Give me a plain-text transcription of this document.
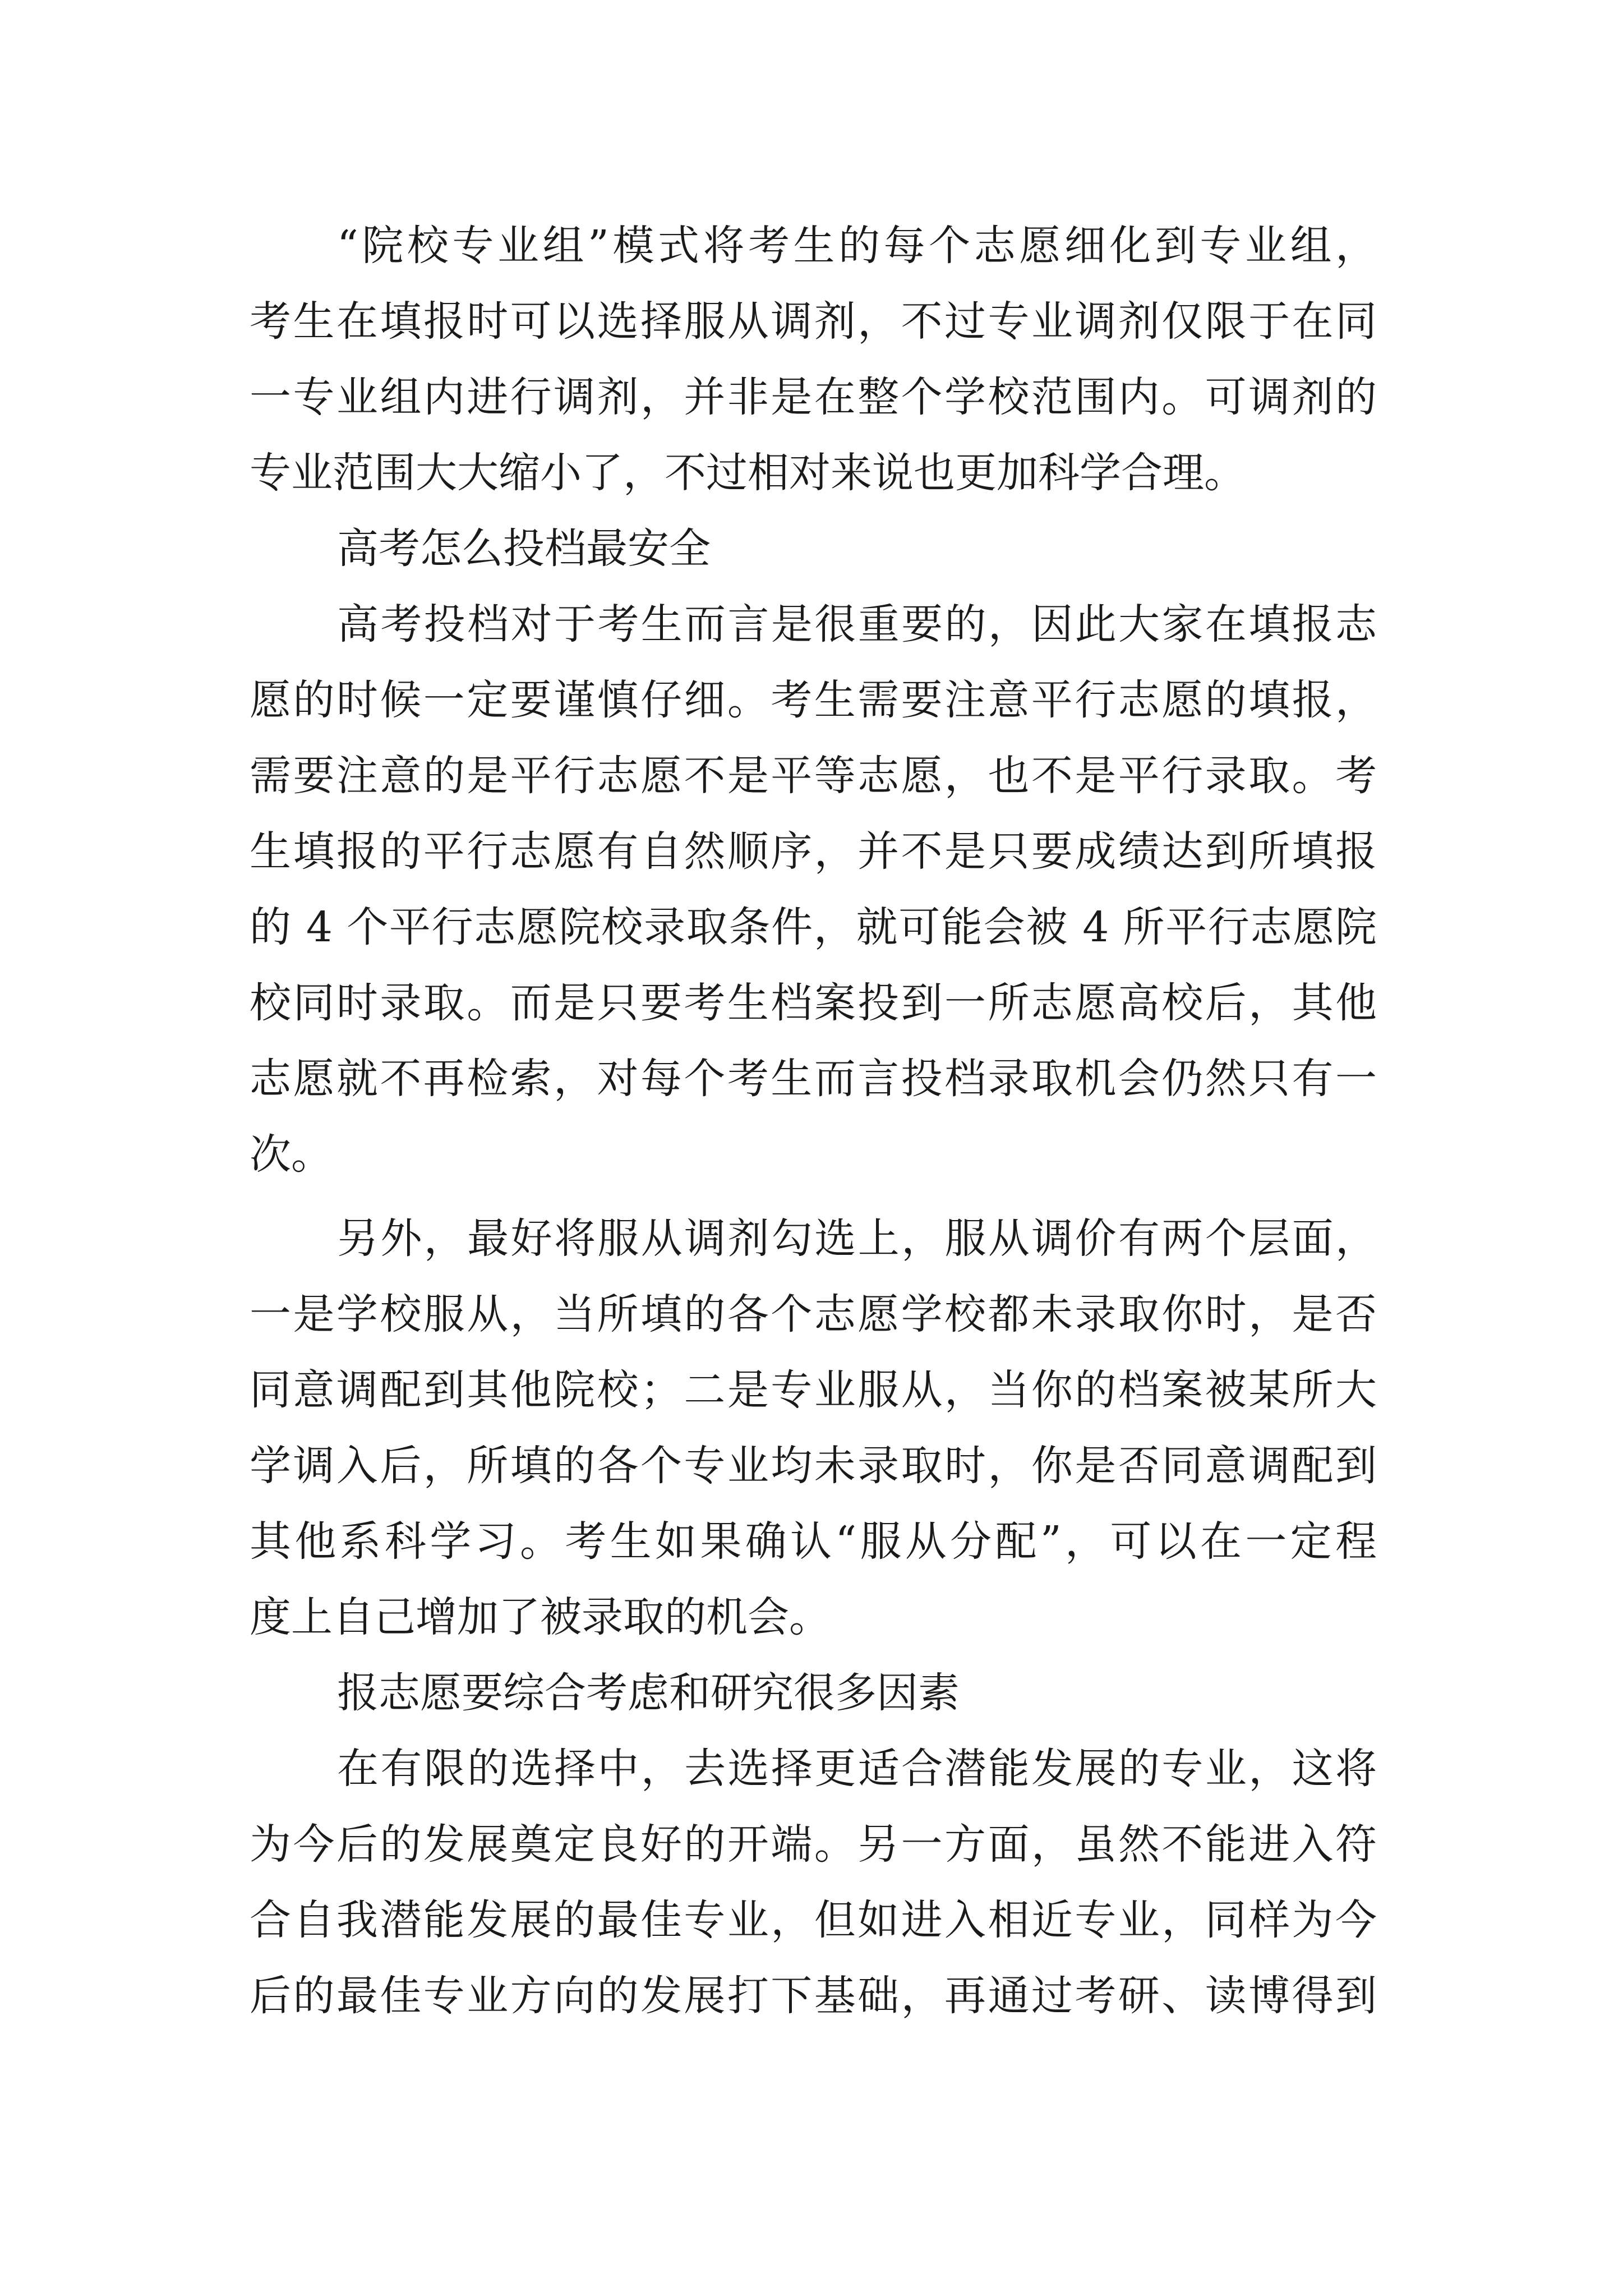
“院校专业组”模式将考生的每个志愿细化到专业组，
考生在填报时可以选择服从调剂，不过专业调剂仅限于在同
一专业组内进行调剂，并非是在整个学校范围内。可调剂的
专业范围大大缩小了，不过相对来说也更加科学合理。
高考怎么投档最安全
高考投档对于考生而言是很重要的，因此大家在填报志
愿的时候一定要谨慎仔细。考生需要注意平行志愿的填报，
需要注意的是平行志愿不是平等志愿，也不是平行录取。考
生填报的平行志愿有自然顺序，并不是只要成绩达到所填报
的 4 个平行志愿院校录取条件，就可能会被 4 所平行志愿院
校同时录取。而是只要考生档案投到一所志愿高校后，其他
志愿就不再检索，对每个考生而言投档录取机会仍然只有一
次。
另外，最好将服从调剂勾选上，服从调价有两个层面，
一是学校服从，当所填的各个志愿学校都未录取你时，是否
同意调配到其他院校；二是专业服从，当你的档案被某所大
学调入后，所填的各个专业均未录取时，你是否同意调配到
其他系科学习。考生如果确认“服从分配”，可以在一定程
度上自己增加了被录取的机会。
报志愿要综合考虑和研究很多因素
在有限的选择中，去选择更适合潜能发展的专业，这将
为今后的发展奠定良好的开端。另一方面，虽然不能进入符
合自我潜能发展的最佳专业，但如进入相近专业，同样为今
后的最佳专业方向的发展打下基础，再通过考研、读博得到
